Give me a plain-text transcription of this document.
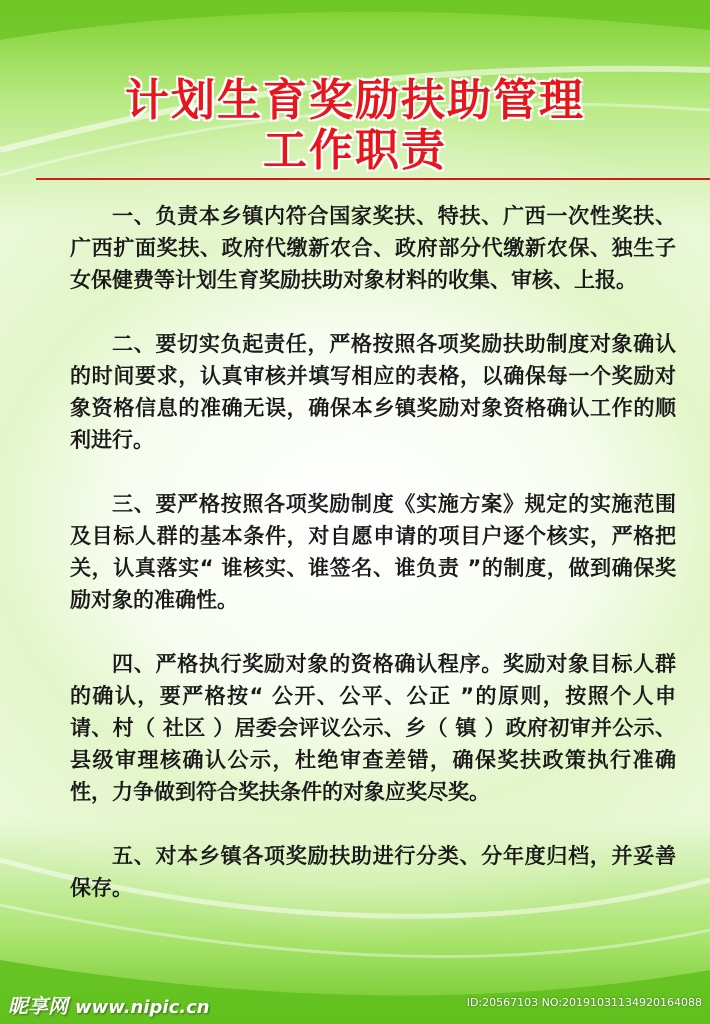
计划生育奖励扶助管理
工作职责

一、负责本乡镇内符合国家奖扶、特扶、广西一次性奖扶、广西扩面奖扶、政府代缴新农合、政府部分代缴新农保、独生子女保健费等计划生育奖励扶助对象材料的收集、审核、上报。

二、要切实负起责任，严格按照各项奖励扶助制度对象确认的时间要求，认真审核并填写相应的表格，以确保每一个奖励对象资格信息的准确无误，确保本乡镇奖励对象资格确认工作的顺利进行。

三、要严格按照各项奖励制度《实施方案》规定的实施范围及目标人群的基本条件，对自愿申请的项目户逐个核实，严格把关，认真落实“ 谁核实、谁签名、谁负责 ”的制度，做到确保奖励对象的准确性。

四、严格执行奖励对象的资格确认程序。奖励对象目标人群的确认，要严格按“ 公开、公平、公正 ”的原则，按照个人申请、村（ 社区 ）居委会评议公示、乡（ 镇 ）政府初审并公示、县级审理核确认公示，杜绝审查差错，确保奖扶政策执行准确性，力争做到符合奖扶条件的对象应奖尽奖。

五、对本乡镇各项奖励扶助进行分类、分年度归档，并妥善保存。

昵享网 www.nipic.cn	ID:20567103 NO:20191031134920164088
